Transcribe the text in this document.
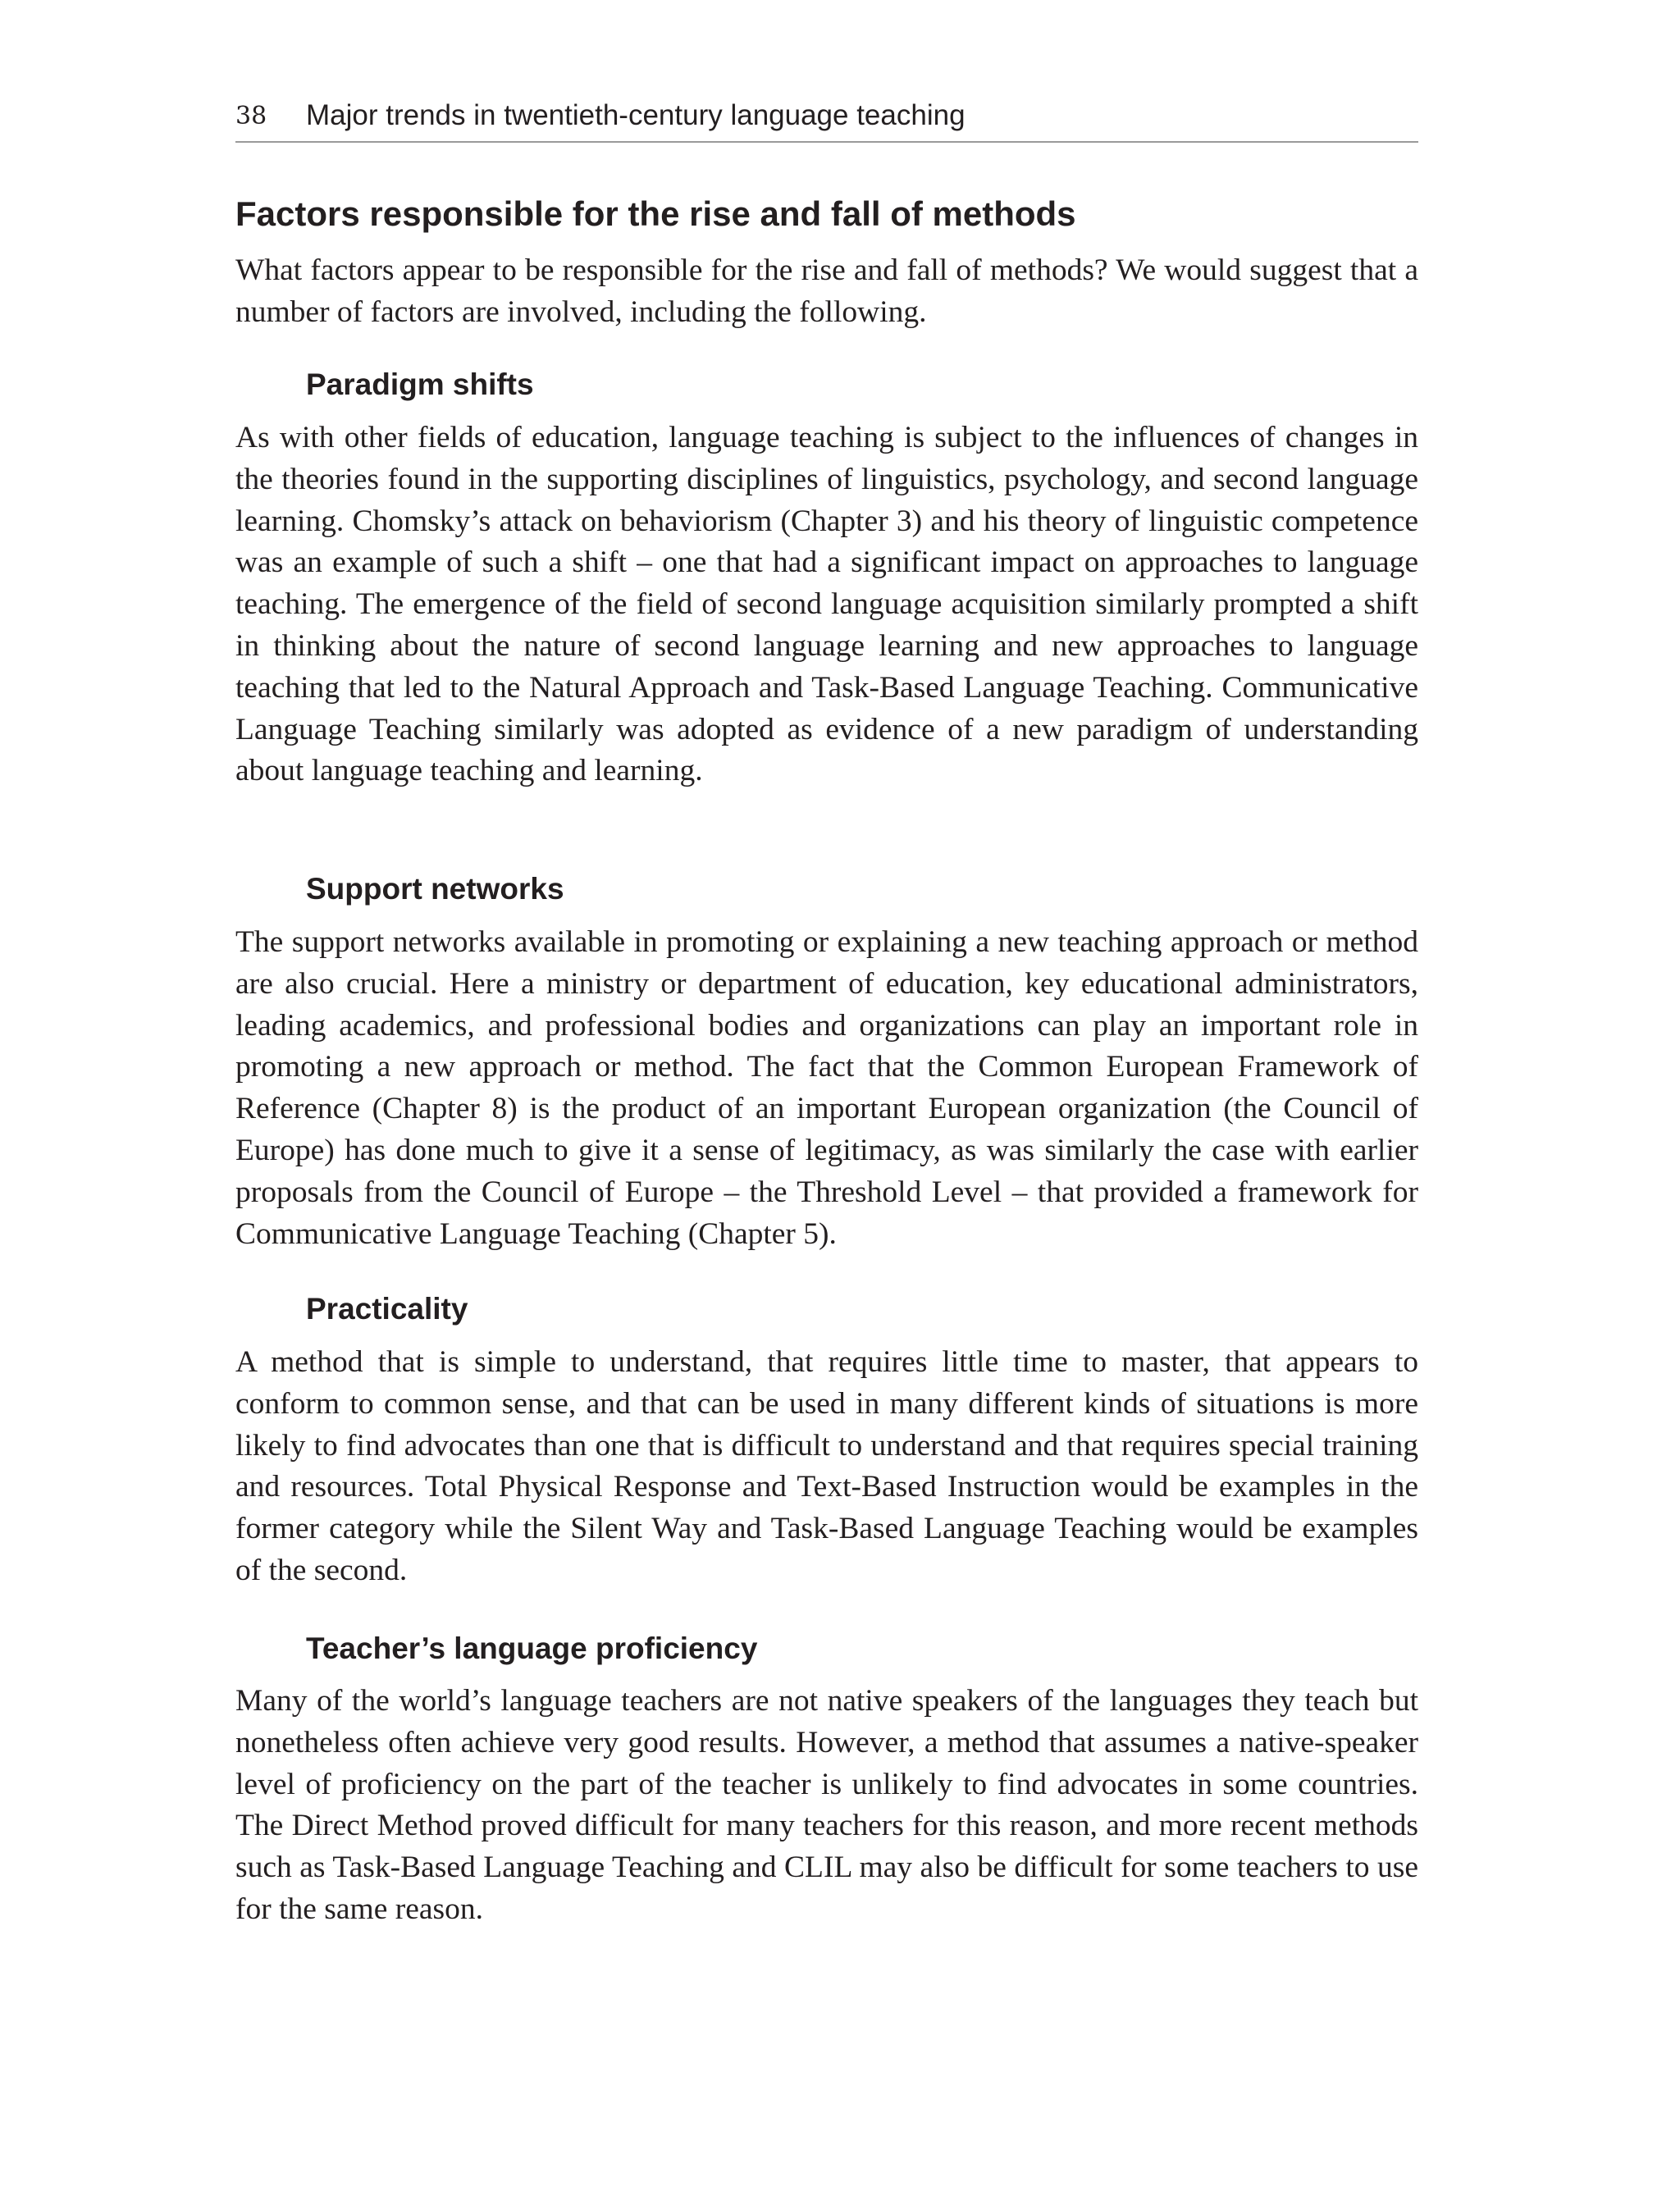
38 Major trends in twentieth-century language teaching
Factors responsible for the rise and fall of methods

What factors appear to be responsible for the rise and fall of methods? We would suggest that a number of factors are involved, including the following.

Paradigm shifts

As with other fields of education, language teaching is subject to the influences of changes in the theories found in the supporting disciplines of linguistics, psychology, and second language learning. Chomsky’s attack on behaviorism (Chapter 3) and his theory of linguistic competence was an example of such a shift – one that had a significant impact on approaches to language teaching. The emergence of the field of second language acquisition similarly prompted a shift in thinking about the nature of second language learning and new approaches to language teaching that led to the Natural Approach and Task-Based Language Teaching. Communicative Language Teaching similarly was adopted as evidence of a new paradigm of understanding about language teaching and learning.

Support networks

The support networks available in promoting or explaining a new teaching approach or method are also crucial. Here a ministry or department of education, key educational administrators, leading academics, and professional bodies and organizations can play an important role in promoting a new approach or method. The fact that the Common European Framework of Reference (Chapter 8) is the product of an important European organization (the Council of Europe) has done much to give it a sense of legitimacy, as was similarly the case with earlier proposals from the Council of Europe – the Threshold Level – that provided a framework for Communicative Language Teaching (Chapter 5).

Practicality

A method that is simple to understand, that requires little time to master, that appears to conform to common sense, and that can be used in many different kinds of situations is more likely to find advocates than one that is difficult to understand and that requires special training and resources. Total Physical Response and Text-Based Instruction would be examples in the former category while the Silent Way and Task-Based Language Teaching would be examples of the second.

Teacher’s language proficiency

Many of the world’s language teachers are not native speakers of the languages they teach but nonetheless often achieve very good results. However, a method that assumes a native-speaker level of proficiency on the part of the teacher is unlikely to find advocates in some countries. The Direct Method proved difficult for many teachers for this reason, and more recent methods such as Task-Based Language Teaching and CLIL may also be difficult for some teachers to use for the same reason.
